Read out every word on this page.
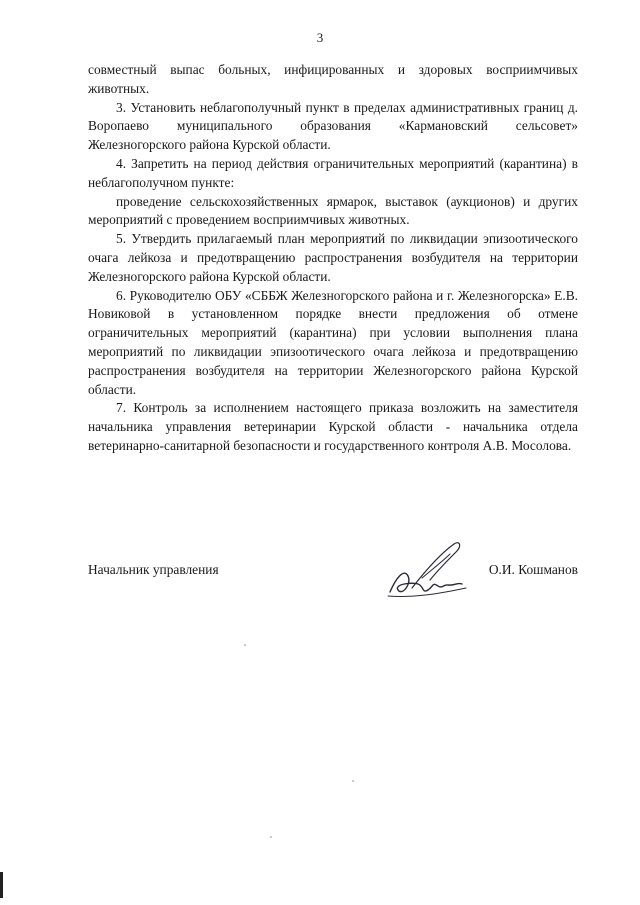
3

совместный выпас больных, инфицированных и здоровых восприимчивых животных.

3. Установить неблагополучный пункт в пределах административных границ д. Воропаево муниципального образования «Кармановский сельсовет» Железногорского района Курской области.

4. Запретить на период действия ограничительных мероприятий (карантина) в неблагополучном пункте:

проведение сельскохозяйственных ярмарок, выставок (аукционов) и других мероприятий с проведением восприимчивых животных.

5. Утвердить прилагаемый план мероприятий по ликвидации эпизоотического очага лейкоза и предотвращению распространения возбудителя на территории Железногорского района Курской области.

6. Руководителю ОБУ «СББЖ Железногорского района и г. Железногорска» Е.В. Новиковой в установленном порядке внести предложения об отмене ограничительных мероприятий (карантина) при условии выполнения плана мероприятий по ликвидации эпизоотического очага лейкоза и предотвращению распространения возбудителя на территории Железногорского района Курской области.

7. Контроль за исполнением настоящего приказа возложить на заместителя начальника управления ветеринарии Курской области - начальника отдела ветеринарно-санитарной безопасности и государственного контроля А.В. Мосолова.

Начальник управления	О.И. Кошманов
